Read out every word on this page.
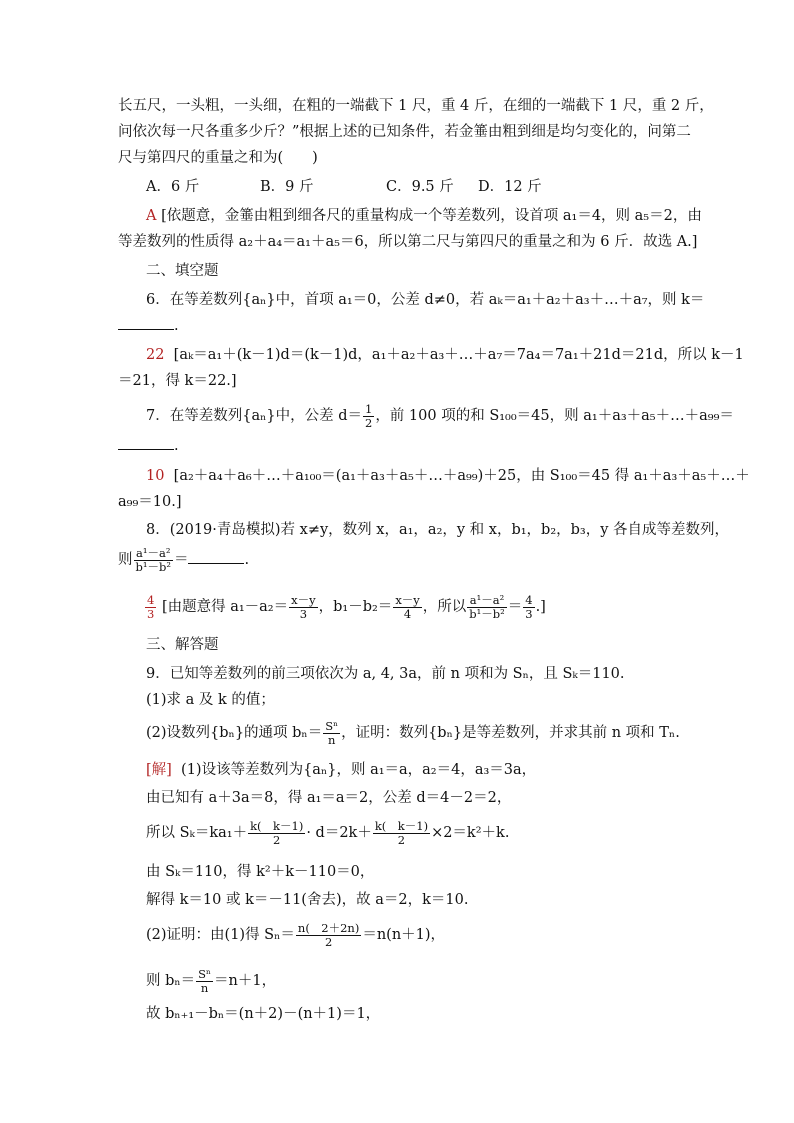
长五尺，一头粗，一头细，在粗的一端截下 1 尺，重 4 斤，在细的一端截下 1 尺，重 2 斤，
问依次每一尺各重多少斤？”根据上述的已知条件，若金箠由粗到细是均匀变化的，问第二
尺与第四尺的重量之和为(　　)
A．6 斤	B．9 斤	C．9.5 斤 D．12 斤
A [依题意，金箠由粗到细各尺的重量构成一个等差数列，设首项 a₁＝4，则 a₅＝2，由
等差数列的性质得 a₂＋a₄＝a₁＋a₅＝6，所以第二尺与第四尺的重量之和为 6 斤．故选 A.]
二、填空题
6．在等差数列{aₙ}中，首项 a₁＝0，公差 d≠0，若 aₖ＝a₁＋a₂＋a₃＋…＋a₇，则 k＝
.
22 [aₖ＝a₁＋(k－1)d＝(k－1)d，a₁＋a₂＋a₃＋…＋a₇＝7a₄＝7a₁＋21d＝21d，所以 k－1
＝21，得 k＝22.]
7．在等差数列{aₙ}中，公差 $d= \frac{1}{2}$ ，前 100 项的和 S₁₀₀＝45，则 a₁＋a₃＋a₅＋…＋a₉₉＝
.
10 [a₂＋a₄＋a₆＋…＋a₁₀₀＝(a₁＋a₃＋a₅＋…＋a₉₉)＋25，由 S₁₀₀＝45 得 a₁＋a₃＋a₅＋…＋
a₉₉＝10.]
8．(2019·青岛模拟)若 x≠y，数列 x，a₁，a₂，y 和 x，b₁，b₂，b₃，y 各自成等差数列，
则 $\frac{\text{a¹－a²}}{\text{b¹－b²}}$ ＝	.
$\frac{4}{3}$ [由题意得 $a_1-a_2= \frac{x-y}{3}$ ，$b_1-b_2= \frac{x-y}{4}$ ，所以 $\frac{\text{a¹－a²}}{\text{b¹－b²}} = \frac{4}{3}$ .]
三、解答题
9．已知等差数列的前三项依次为 a, 4, 3a，前 n 项和为 Sₙ，且 Sₖ＝110.
(1)求 a 及 k 的值；
(2)设数列{bₙ}的通项 $b_n= \frac{\text{Sⁿ}}{n}$ ，证明：数列{bₙ}是等差数列，并求其前 n 项和 Tₙ.
[解] (1)设该等差数列为{aₙ}，则 a₁＝a，a₂＝4，a₃＝3a，
由已知有 a＋3a＝8，得 a₁＝a＝2，公差 d＝4－2＝2，
所以 $S_k=ka_1+ \frac{k( k-1)}{2} \cdot d=2k+ \frac{k( k-1)}{2} \times 2=k^2+k$.
由 Sₖ＝110，得 k²＋k－110＝0，
解得 k＝10 或 k＝－11(舍去)，故 a＝2，k＝10.
(2)证明：由(1)得 $S_n= \frac{n( 2+2n)}{2} =n(n+1)$，
则 $b_n= \frac{\text{Sⁿ}}{n} =n+1$，
故 bₙ₊₁－bₙ＝(n＋2)－(n＋1)＝1，
